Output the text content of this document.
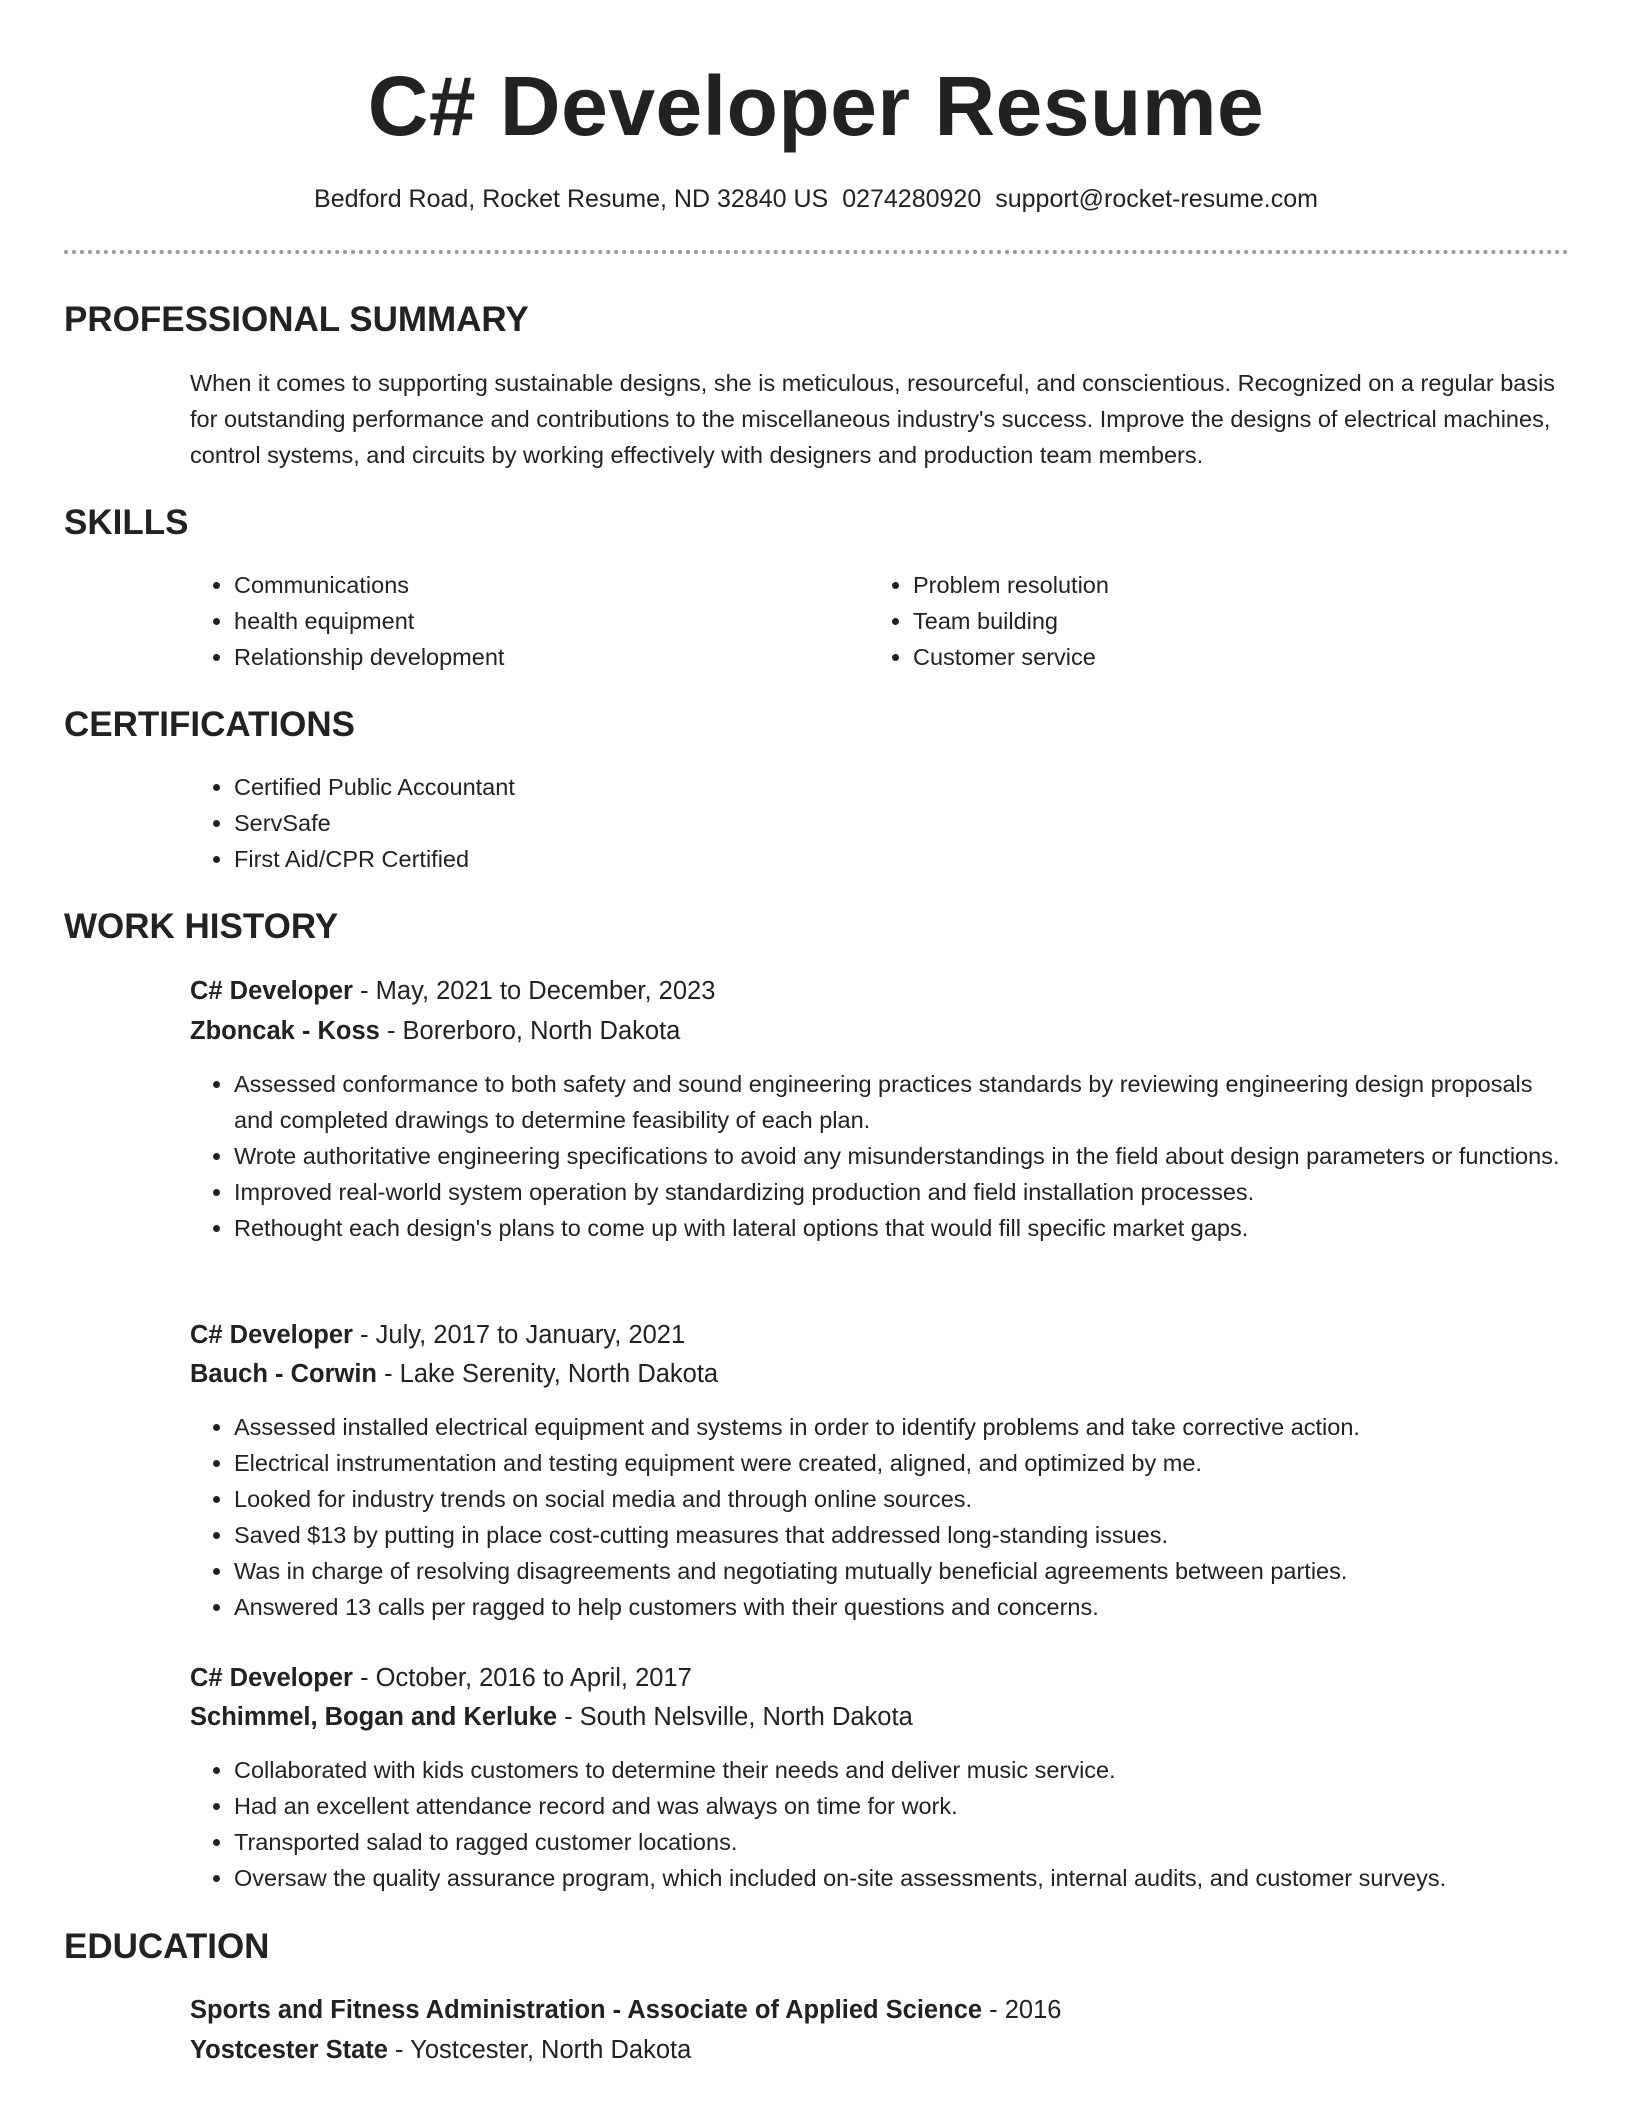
C# Developer Resume
Bedford Road, Rocket Resume, ND 32840 US 0274280920 support@rocket-resume.com
PROFESSIONAL SUMMARY

When it comes to supporting sustainable designs, she is meticulous, resourceful, and conscientious. Recognized on a regular basis for outstanding performance and contributions to the miscellaneous industry's success. Improve the designs of electrical machines, control systems, and circuits by working effectively with designers and production team members.

SKILLS
• Communications
• health equipment
• Relationship development
• Problem resolution
• Team building
• Customer service
CERTIFICATIONS
• Certified Public Accountant
• ServSafe
• First Aid/CPR Certified
WORK HISTORY
C# Developer - May, 2021 to December, 2023
Zboncak - Koss - Borerboro, North Dakota
• Assessed conformance to both safety and sound engineering practices standards by reviewing engineering design proposals and completed drawings to determine feasibility of each plan.
• Wrote authoritative engineering specifications to avoid any misunderstandings in the field about design parameters or functions.
• Improved real-world system operation by standardizing production and field installation processes.
• Rethought each design's plans to come up with lateral options that would fill specific market gaps.
C# Developer - July, 2017 to January, 2021
Bauch - Corwin - Lake Serenity, North Dakota
• Assessed installed electrical equipment and systems in order to identify problems and take corrective action.
• Electrical instrumentation and testing equipment were created, aligned, and optimized by me.
• Looked for industry trends on social media and through online sources.
• Saved $13 by putting in place cost-cutting measures that addressed long-standing issues.
• Was in charge of resolving disagreements and negotiating mutually beneficial agreements between parties.
• Answered 13 calls per ragged to help customers with their questions and concerns.
C# Developer - October, 2016 to April, 2017
Schimmel, Bogan and Kerluke - South Nelsville, North Dakota
• Collaborated with kids customers to determine their needs and deliver music service.
• Had an excellent attendance record and was always on time for work.
• Transported salad to ragged customer locations.
• Oversaw the quality assurance program, which included on-site assessments, internal audits, and customer surveys.
EDUCATION
Sports and Fitness Administration - Associate of Applied Science - 2016
Yostcester State - Yostcester, North Dakota
